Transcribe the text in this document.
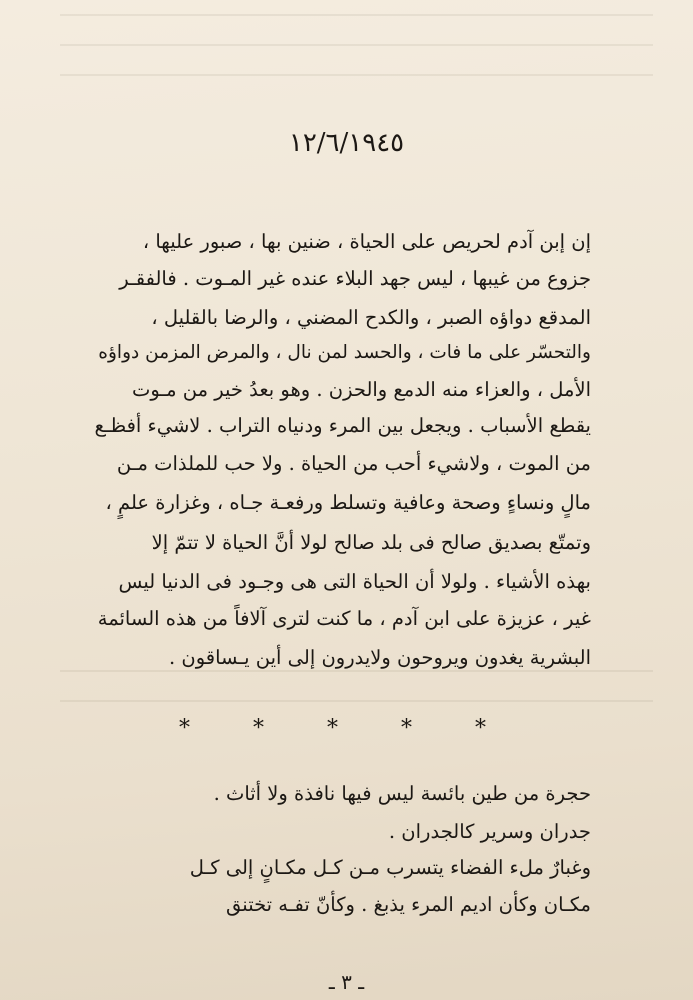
١٢/٦/١٩٤٥
إن إبن آدم لحريص على الحياة ، ضنين بها ، صبور عليها ،
جزوع من غيبها ، ليس جهد البلاء عنده غير المـوت . فالفقـر
المدقع دواؤه الصبر ، والكدح المضني ، والرضا بالقليل ،
والتحسّر على ما فات ، والحسد لمن نال ، والمرض المزمن دواؤه
الأمل ، والعزاء منه الدمع والحزن . وهو بعدُ خير من مـوت
يقطع الأسباب . ويجعل بين المرء ودنياه التراب . لاشيء أفظـع
من الموت ، ولاشيء أحب من الحياة . ولا حب للملذات مـن
مالٍ ونساءٍ وصحة وعافية وتسلط ورفعـة جـاه ، وغزارة علمٍ ،
وتمتّع بصديق صالح فى بلد صالح لولا أنَّ الحياة لا تتمّ إلا
بهذه الأشياء . ولولا أن الحياة التى هى وجـود فى الدنيا ليس
غير ، عزيزة على ابن آدم ، ما كنت لترى آلافاً من هذه السائمة
البشرية يغدون ويروحون ولايدرون إلى أين يـساقون .
* * * * *
حجرة من طين بائسة ليس فيها نافذة ولا أثاث .
جدران وسرير كالجدران .
وغبارٌ ملء الفضاء يتسرب مـن كـل مكـانٍ إلى كـل
مكـان وكأن اديم المرء يذبغ . وكأنّ تفـه تختنق
ـ ٣ ـ
